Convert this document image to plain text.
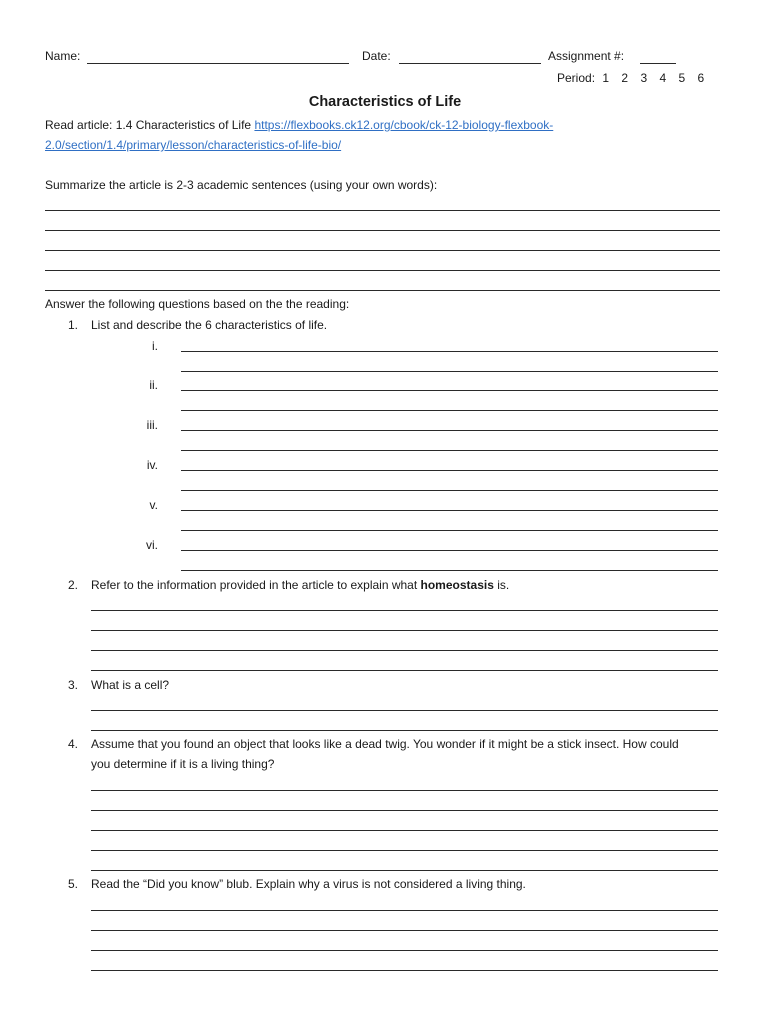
Name:	Date:	Assignment #:
Period: 1 2 3 4 5 6
Characteristics of Life
Read article: 1.4 Characteristics of Life https://flexbooks.ck12.org/cbook/ck-12-biology-flexbook-
2.0/section/1.4/primary/lesson/characteristics-of-life-bio/
Summarize the article is 2-3 academic sentences (using your own words):
Answer the following questions based on the the reading:
1. List and describe the 6 characteristics of life.
i.
ii.
iii.
iv.
v.
vi.
2. Refer to the information provided in the article to explain what homeostasis is.
3. What is a cell?
4. Assume that you found an object that looks like a dead twig. You wonder if it might be a stick insect. How could
you determine if it is a living thing?
5. Read the “Did you know” blub. Explain why a virus is not considered a living thing.
